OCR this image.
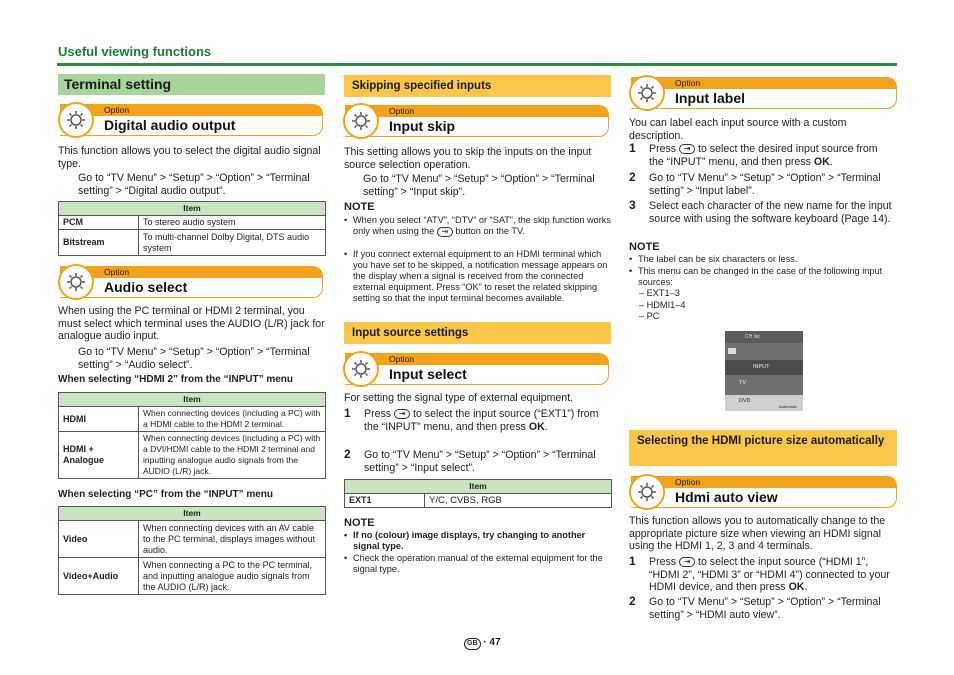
Useful viewing functions
Terminal setting
Option
Digital audio output
This function allows you to select the digital audio signal type.
Go to “TV Menu” > “Setup” > “Option” > “Terminal setting” > “Digital audio output”.
Item	
PCM	To stereo audio system
Bitstream	To multi-channel Dolby Digital, DTS audio system
Option
Audio select
When using the PC terminal or HDMI 2 terminal, you must select which terminal uses the AUDIO (L/R) jack for analogue audio input.
Go to “TV Menu” > “Setup” > “Option” > “Terminal setting” > “Audio select”.
When selecting “HDMI 2” from the “INPUT” menu
Item	
HDMI	When connecting devices (including a PC) with a HDMI cable to the HDMI 2 terminal.
HDMI + Analogue	When connecting devices (including a PC) with a DVI/HDMI cable to the HDMI 2 terminal and inputting analogue audio signals from the AUDIO (L/R) jack.
When selecting “PC” from the “INPUT” menu
Item	
Video	When connecting devices with an AV cable to the PC terminal, displays images without audio.
Video+Audio	When connecting a PC to the PC terminal, and inputting analogue audio signals from the AUDIO (L/R) jack.
Skipping specified inputs
Option
Input skip
This setting allows you to skip the inputs on the input source selection operation.
Go to “TV Menu” > “Setup” > “Option” > “Terminal setting” > “Input skip”.
NOTE
• When you select “ATV”, “DTV” or “SAT”, the skip function works only when using the ⇥ button on the TV.
• If you connect external equipment to an HDMI terminal which you have set to be skipped, a notification message appears on the display when a signal is received from the connected external equipment. Press “OK” to reset the related skipping setting so that the input terminal becomes available.
Input source settings
Option
Input select
For setting the signal type of external equipment.
1 Press ⇥ to select the input source (“EXT1”) from the “INPUT” menu, and then press OK.
2 Go to “TV Menu” > “Setup” > “Option” > “Terminal setting” > “Input select”.
Item
EXT1	Y/C, CVBS, RGB
NOTE
• If no (colour) image displays, try changing to another signal type.
• Check the operation manual of the external equipment for the signal type.
Option
Input label
You can label each input source with a custom description.
1 Press ⇥ to select the desired input source from the “INPUT” menu, and then press OK.
2 Go to “TV Menu” > “Setup” > “Option” > “Terminal setting” > “Input label”.
3 Select each character of the new name for the input source with using the software keyboard (Page 14).
NOTE
• The label can be six characters or less.
• This menu can be changed in the case of the following input sources:
– EXT1–3
– HDMI1–4
– PC
CH list
INPUT
TV
DVD
Automatic
Selecting the HDMI picture size automatically
Option
Hdmi auto view
This function allows you to automatically change to the appropriate picture size when viewing an HDMI signal using the HDMI 1, 2, 3 and 4 terminals.
1 Press ⇥ to select the input source (“HDMI 1”, “HDMI 2”, “HDMI 3” or “HDMI 4”) connected to your HDMI device, and then press OK.
2 Go to “TV Menu” > “Setup” > “Option” > “Terminal setting” > “HDMI auto view”.
GB · 47
